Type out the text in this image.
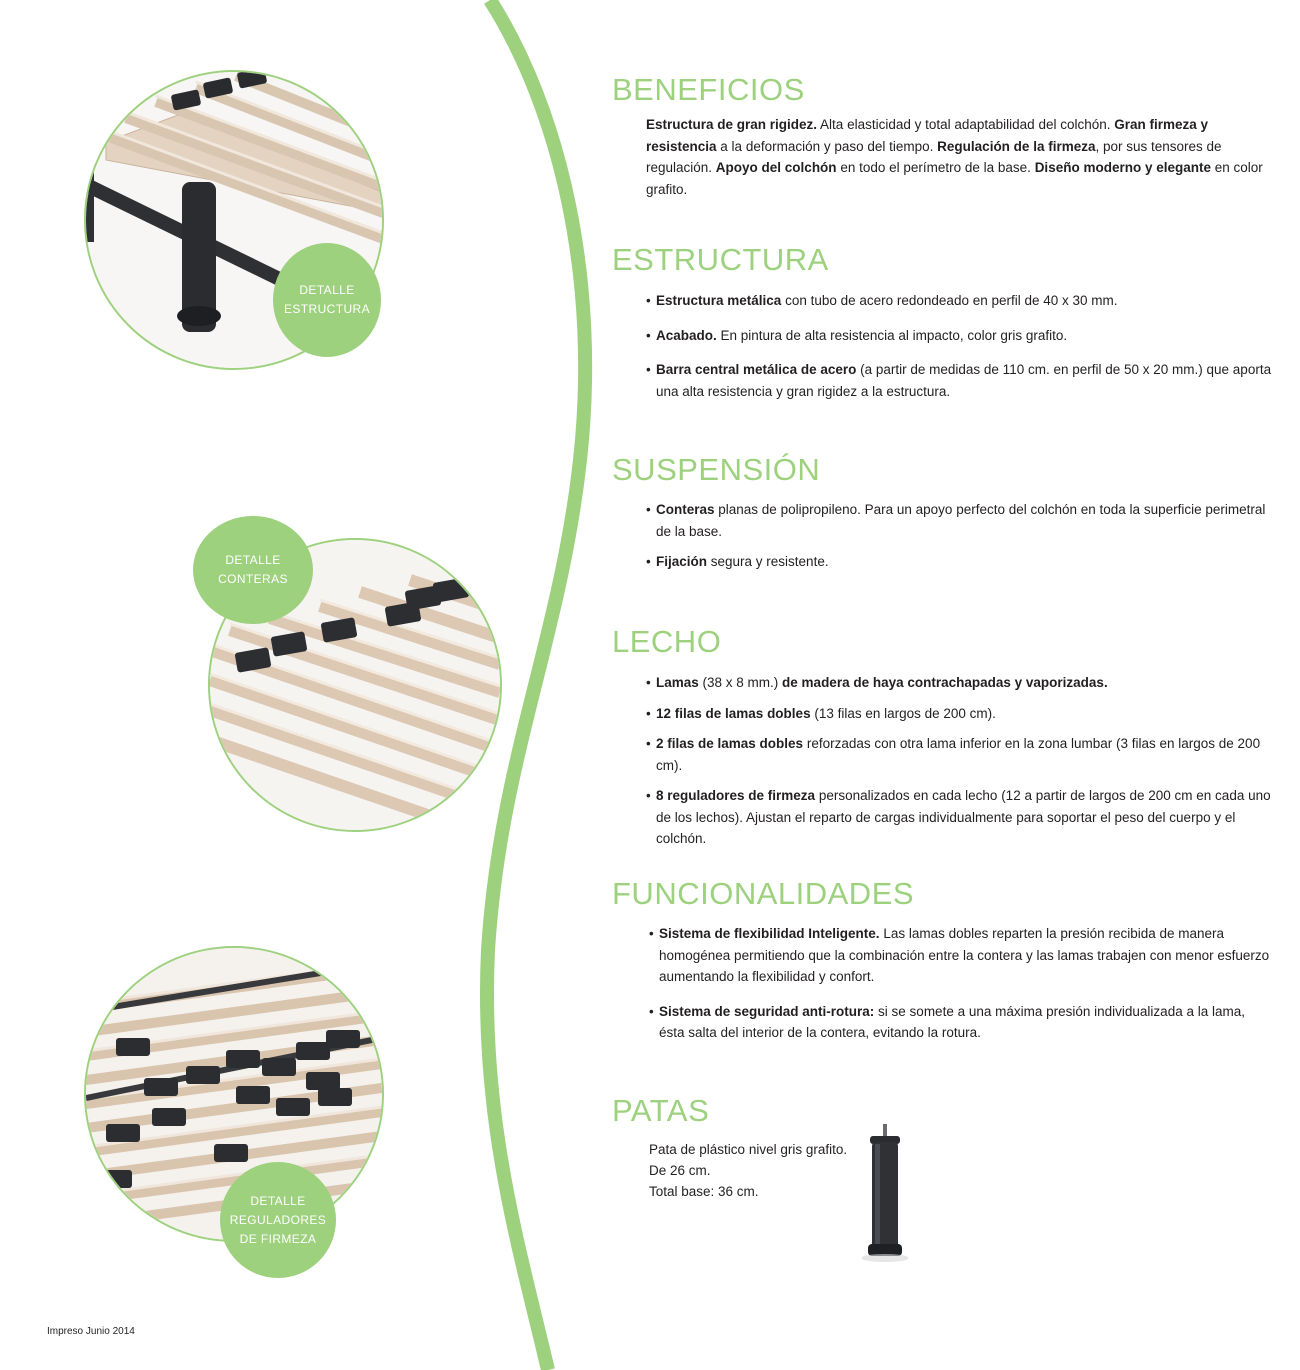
DETALLE
ESTRUCTURA
DETALLE
CONTERAS
DETALLE
REGULADORES
DE FIRMEZA
Impreso Junio 2014
BENEFICIOS

Estructura de gran rigidez. Alta elasticidad y total adaptabilidad del colchón. Gran firmeza y resistencia a la deformación y paso del tiempo. Regulación de la firmeza, por sus tensores de regulación. Apoyo del colchón en todo el perímetro de la base. Diseño moderno y elegante en color grafito.

ESTRUCTURA
• Estructura metálica con tubo de acero redondeado en perfil de 40 x 30 mm.
• Acabado. En pintura de alta resistencia al impacto, color gris grafito.
• Barra central metálica de acero (a partir de medidas de 110 cm. en perfil de 50 x 20 mm.) que aporta una alta resistencia y gran rigidez a la estructura.
SUSPENSIÓN
• Conteras planas de polipropileno. Para un apoyo perfecto del colchón en toda la superficie perimetral de la base.
• Fijación segura y resistente.
LECHO
• Lamas (38 x 8 mm.) de madera de haya contrachapadas y vaporizadas.
• 12 filas de lamas dobles (13 filas en largos de 200 cm).
• 2 filas de lamas dobles reforzadas con otra lama inferior en la zona lumbar (3 filas en largos de 200 cm).
• 8 reguladores de firmeza personalizados en cada lecho (12 a partir de largos de 200 cm en cada uno de los lechos). Ajustan el reparto de cargas individualmente para soportar el peso del cuerpo y el colchón.
FUNCIONALIDADES
• Sistema de flexibilidad Inteligente. Las lamas dobles reparten la presión recibida de manera homogénea permitiendo que la combinación entre la contera y las lamas trabajen con menor esfuerzo aumentando la flexibilidad y confort.
• Sistema de seguridad anti-rotura: si se somete a una máxima presión individualizada a la lama, ésta salta del interior de la contera, evitando la rotura.
PATAS
Pata de plástico nivel gris grafito.
De 26 cm.
Total base: 36 cm.
